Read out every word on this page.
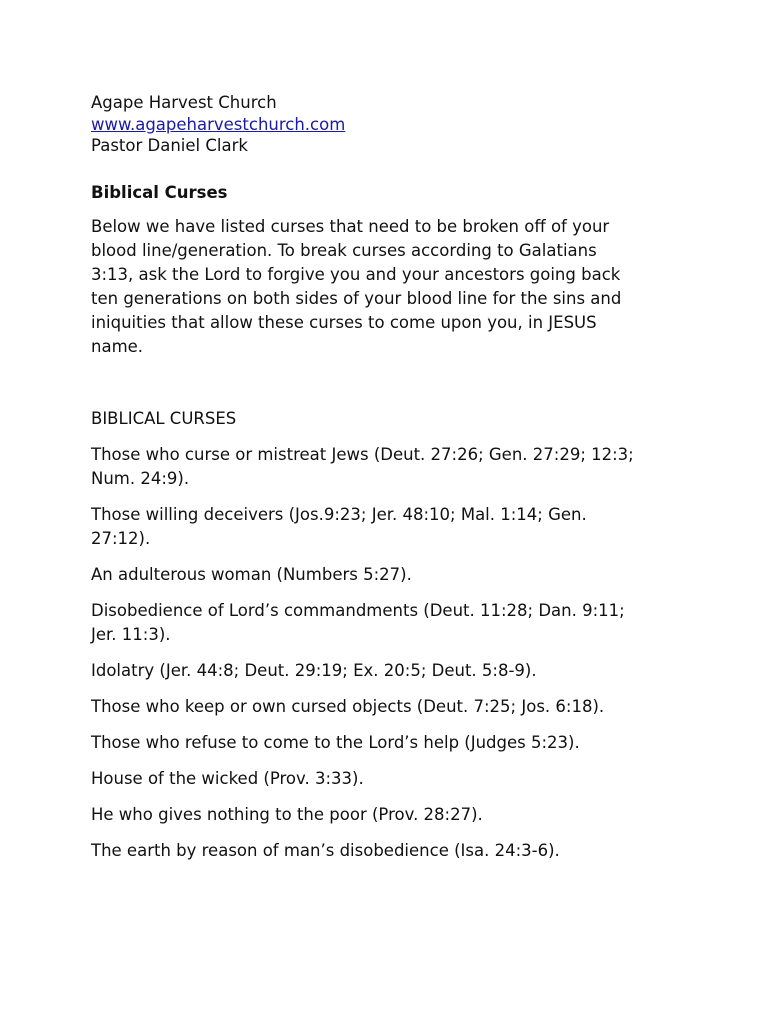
Agape Harvest Church
www.agapeharvestchurch.com
Pastor Daniel Clark
Biblical Curses
Below we have listed curses that need to be broken off of your
blood line/generation. To break curses according to Galatians
3:13, ask the Lord to forgive you and your ancestors going back
ten generations on both sides of your blood line for the sins and
iniquities that allow these curses to come upon you, in JESUS
name.
BIBLICAL CURSES
Those who curse or mistreat Jews (Deut. 27:26; Gen. 27:29; 12:3;
Num. 24:9).
Those willing deceivers (Jos.9:23; Jer. 48:10; Mal. 1:14; Gen.
27:12).
An adulterous woman (Numbers 5:27).
Disobedience of Lord’s commandments (Deut. 11:28; Dan. 9:11;
Jer. 11:3).
Idolatry (Jer. 44:8; Deut. 29:19; Ex. 20:5; Deut. 5:8-9).
Those who keep or own cursed objects (Deut. 7:25; Jos. 6:18).
Those who refuse to come to the Lord’s help (Judges 5:23).
House of the wicked (Prov. 3:33).
He who gives nothing to the poor (Prov. 28:27).
The earth by reason of man’s disobedience (Isa. 24:3-6).
